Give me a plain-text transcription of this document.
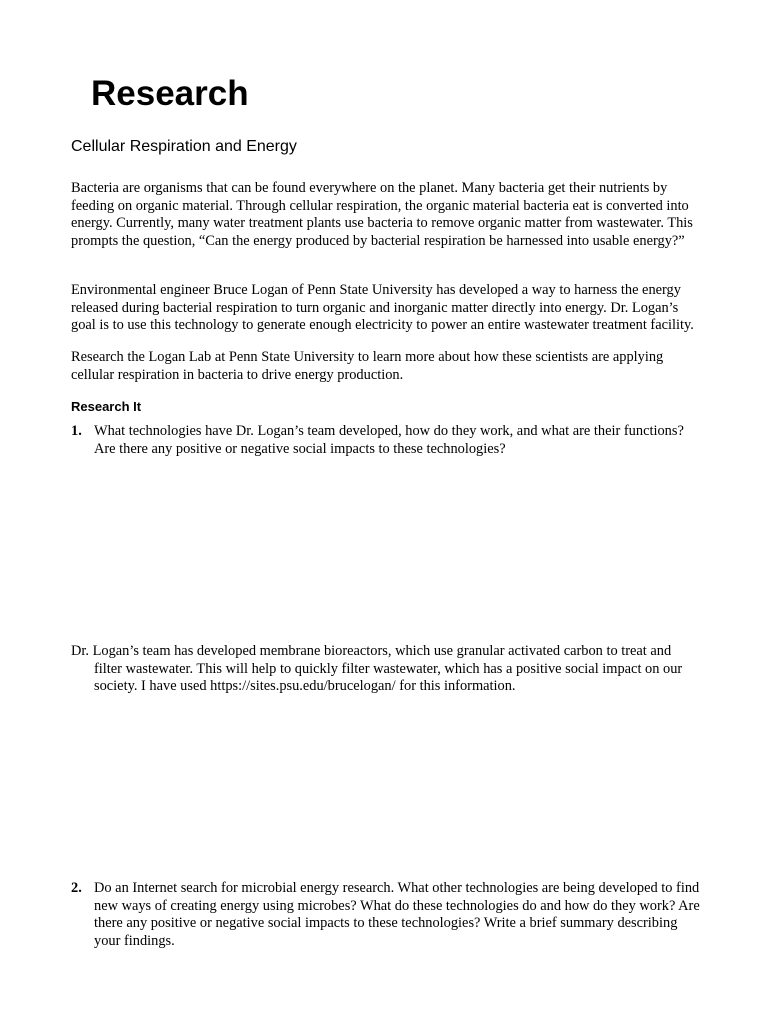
Research
Cellular Respiration and Energy

Bacteria are organisms that can be found everywhere on the planet. Many bacteria get their nutrients by feeding on organic material. Through cellular respiration, the organic material bacteria eat is converted into energy. Currently, many water treatment plants use bacteria to remove organic matter from wastewater. This prompts the question, “Can the energy produced by bacterial respiration be harnessed into usable energy?”

Environmental engineer Bruce Logan of Penn State University has developed a way to harness the energy released during bacterial respiration to turn organic and inorganic matter directly into energy. Dr. Logan’s goal is to use this technology to generate enough electricity to power an entire wastewater treatment facility.

Research the Logan Lab at Penn State University to learn more about how these scientists are applying cellular respiration in bacteria to drive energy production.

Research It
1. What technologies have Dr. Logan’s team developed, how do they work, and what are their functions? Are there any positive or negative social impacts to these technologies?

Dr. Logan’s team has developed membrane bioreactors, which use granular activated carbon to treat and filter wastewater. This will help to quickly filter wastewater, which has a positive social impact on our society. I have used https://sites.psu.edu/brucelogan/ for this information.

2. Do an Internet search for microbial energy research. What other technologies are being developed to find new ways of creating energy using microbes? What do these technologies do and how do they work? Are there any positive or negative social impacts to these technologies? Write a brief summary describing your findings.
